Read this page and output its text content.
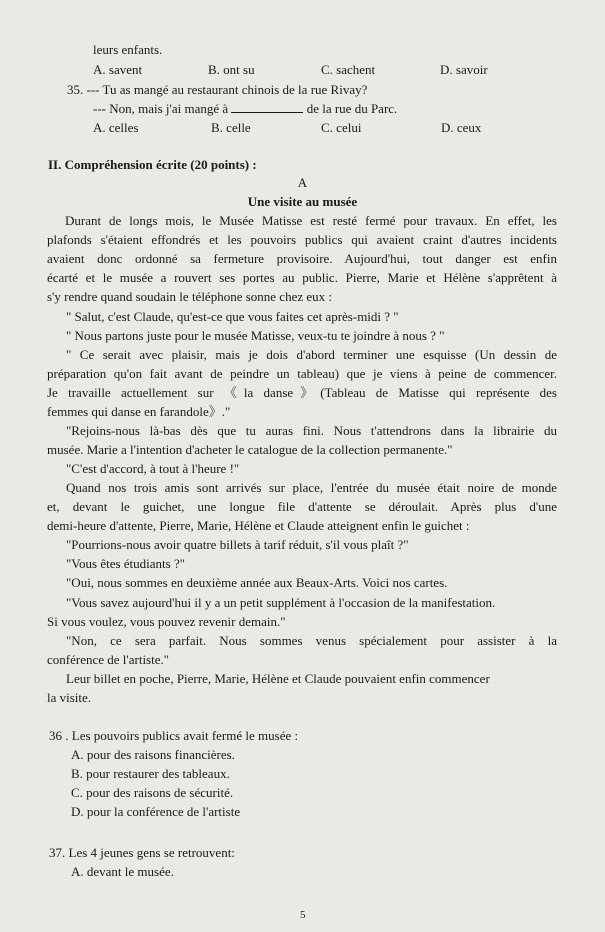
leurs enfants.
A. savent	B. ont su	C. sachent	D. savoir
35. --- Tu as mangé au restaurant chinois de la rue Rivay?
--- Non, mais j'ai mangé à	de la rue du Parc.
A. celles	B. celle	C. celui	D. ceux
II. Compréhension écrite (20 points) :
A
Une visite au musée
Durant de longs mois, le Musée Matisse est resté fermé pour travaux. En effet, les
plafonds s'étaient effondrés et les pouvoirs publics qui avaient craint d'autres incidents
avaient donc ordonné sa fermeture provisoire. Aujourd'hui, tout danger est enfin
écarté et le musée a rouvert ses portes au public. Pierre, Marie et Hélène s'apprêtent à
s'y rendre quand soudain le téléphone sonne chez eux :
" Salut, c'est Claude, qu'est-ce que vous faites cet après-midi ? "
" Nous partons juste pour le musée Matisse, veux-tu te joindre à nous ? "
" Ce serait avec plaisir, mais je dois d'abord terminer une esquisse (Un dessin de
préparation qu'on fait avant de peindre un tableau) que je viens à peine de commencer.
Je travaille actuellement sur 《la danse》(Tableau de Matisse qui représente des
femmes qui danse en farandole》."
"Rejoins-nous là-bas dès que tu auras fini. Nous t'attendrons dans la librairie du
musée. Marie a l'intention d'acheter le catalogue de la collection permanente."
"C'est d'accord, à tout à l'heure !"
Quand nos trois amis sont arrivés sur place, l'entrée du musée était noire de monde
et, devant le guichet, une longue file d'attente se déroulait. Après plus d'une
demi-heure d'attente, Pierre, Marie, Hélène et Claude atteignent enfin le guichet :
"Pourrions-nous avoir quatre billets à tarif réduit, s'il vous plaît ?"
"Vous êtes étudiants ?"
"Oui, nous sommes en deuxième année aux Beaux-Arts. Voici nos cartes.
"Vous savez aujourd'hui il y a un petit supplément à l'occasion de la manifestation.
Si vous voulez, vous pouvez revenir demain."
"Non, ce sera parfait. Nous sommes venus spécialement pour assister à la
conférence de l'artiste."
Leur billet en poche, Pierre, Marie, Hélène et Claude pouvaient enfin commencer
la visite.
36 . Les pouvoirs publics avait fermé le musée :
A. pour des raisons financières.
B. pour restaurer des tableaux.
C. pour des raisons de sécurité.
D. pour la conférence de l'artiste
37. Les 4 jeunes gens se retrouvent:
A. devant le musée.
5
